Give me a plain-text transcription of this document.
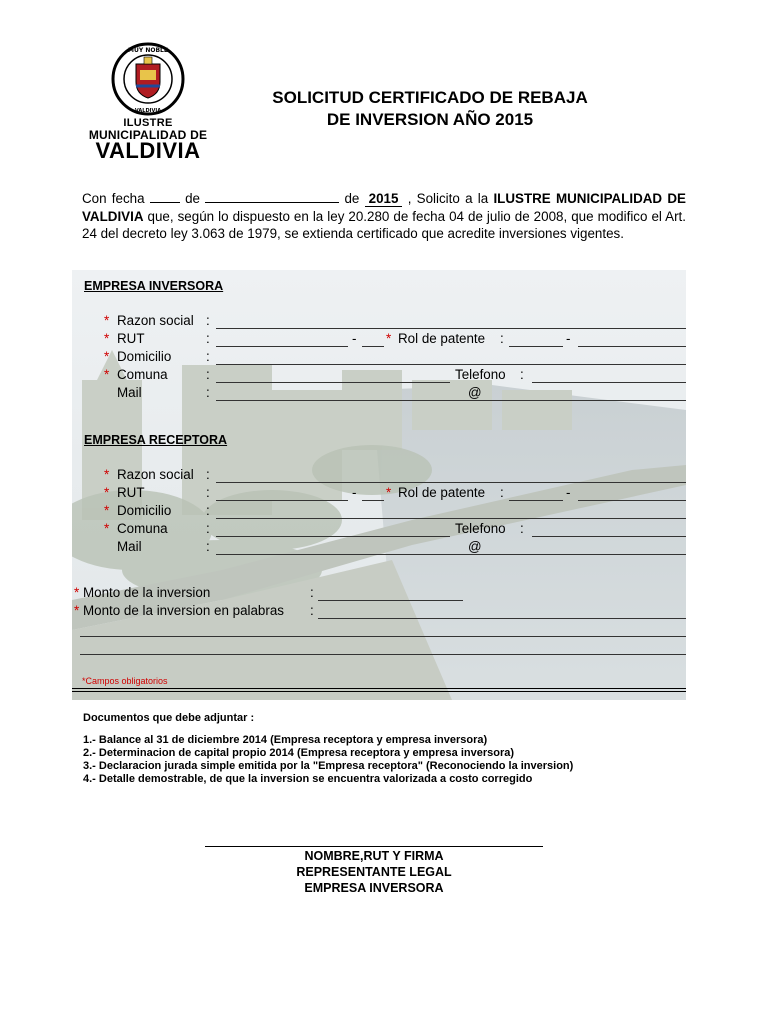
MUY NOBLE
VALDIVIA
ILUSTRE
MUNICIPALIDAD DE
VALDIVIA
SOLICITUD CERTIFICADO DE REBAJA
DE INVERSION AÑO 2015
Con fecha	de	de 2015 , Solicito a la ILUSTRE MUNICIPALIDAD DE VALDIVIA que, según lo dispuesto en la ley 20.280 de fecha 04 de julio de 2008, que modifico el Art. 24 del decreto ley 3.063 de 1979, se extienda certificado que acredite inversiones vigentes.
EMPRESA INVERSORA
* Razon social :
* RUT	:	- * Rol de patente :	-
* Domicilio	:
* Comuna	:	Telefono :
Mail	:	@
EMPRESA RECEPTORA
* Razon social :
* RUT	:	- * Rol de patente :	-
* Domicilio	:
* Comuna	:	Telefono :
Mail	:	@
* Monto de la inversion	:
* Monto de la inversion en palabras :
*Campos obligatorios
Documentos que debe adjuntar :
1.- Balance al 31 de diciembre 2014 (Empresa receptora y empresa inversora)
2.- Determinacion de capital propio 2014 (Empresa receptora y empresa inversora)
3.- Declaracion jurada simple emitida por la "Empresa receptora" (Reconociendo la inversion)
4.- Detalle demostrable, de que la inversion se encuentra valorizada a costo corregido
NOMBRE,RUT Y FIRMA
REPRESENTANTE LEGAL
EMPRESA INVERSORA
